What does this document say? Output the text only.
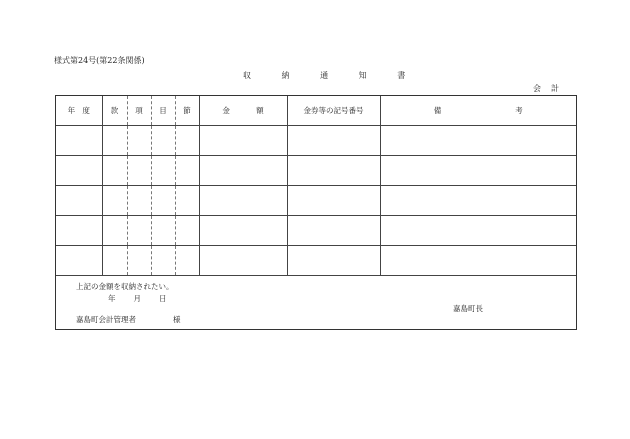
様式第24号(第22条関係)
収	納	通	知	書
会 計
年 度	款	項	目	節	金 額	金券等の記号番号	備 考

上記の金額を収納されたい。
年 月 日
嘉島町長
嘉島町会計管理者	様
